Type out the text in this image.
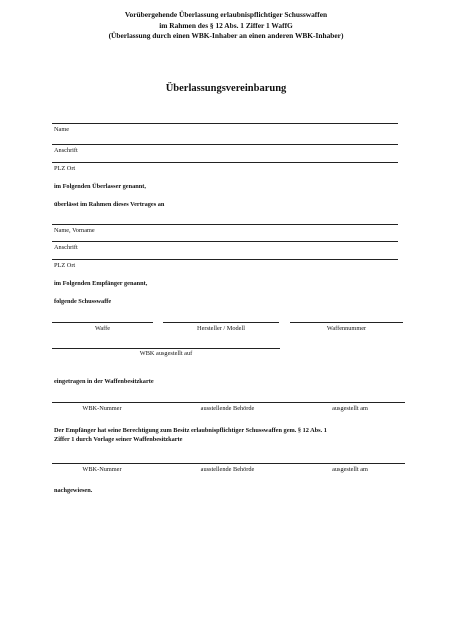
Vorübergehende Überlassung erlaubnispflichtiger Schusswaffen
im Rahmen des § 12 Abs. 1 Ziffer 1 WaffG
(Überlassung durch einen WBK-Inhaber an einen anderen WBK-Inhaber)
Überlassungsvereinbarung
Name
Anschrift
PLZ Ort
im Folgenden Überlasser genannt,
überlässt im Rahmen dieses Vertrages an
Name, Vorname
Anschrift
PLZ Ort
im Folgenden Empfänger genannt,
folgende Schusswaffe
Waffe	Hersteller / Modell	Waffennummer
WBK ausgestellt auf
eingetragen in der Waffenbesitzkarte
WBK-Nummer	ausstellende Behörde	ausgestellt am
Der Empfänger hat seine Berechtigung zum Besitz erlaubnispflichtiger Schusswaffen gem. § 12 Abs. 1
Ziffer 1 durch Vorlage seiner Waffenbesitzkarte
WBK-Nummer	ausstellende Behörde	ausgestellt am
nachgewiesen.
